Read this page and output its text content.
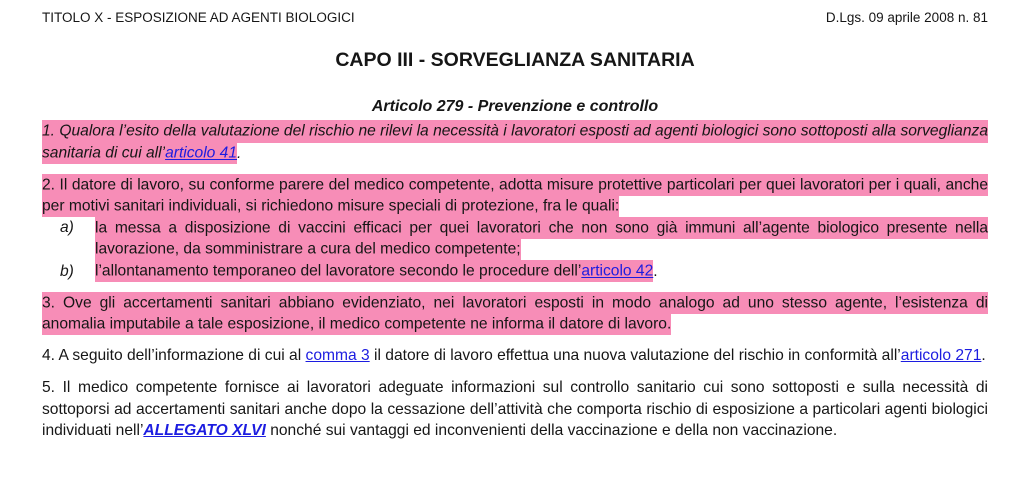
TITOLO X - ESPOSIZIONE AD AGENTI BIOLOGICI	D.Lgs. 09 aprile 2008 n. 81
CAPO III - SORVEGLIANZA SANITARIA
Articolo 279 - Prevenzione e controllo
1. Qualora l’esito della valutazione del rischio ne rilevi la necessità i lavoratori esposti ad agenti biologici sono sottoposti alla sorveglianza sanitaria di cui all’articolo 41.
2. Il datore di lavoro, su conforme parere del medico competente, adotta misure protettive particolari per quei lavoratori per i quali, anche per motivi sanitari individuali, si richiedono misure speciali di protezione, fra le quali:
a) la messa a disposizione di vaccini efficaci per quei lavoratori che non sono già immuni all’agente biologico presente nella lavorazione, da somministrare a cura del medico competente;
b) l’allontanamento temporaneo del lavoratore secondo le procedure dell’articolo 42.
3. Ove gli accertamenti sanitari abbiano evidenziato, nei lavoratori esposti in modo analogo ad uno stesso agente, l’esistenza di anomalia imputabile a tale esposizione, il medico competente ne informa il datore di lavoro.
4. A seguito dell’informazione di cui al comma 3 il datore di lavoro effettua una nuova valutazione del rischio in conformità all’articolo 271.
5. Il medico competente fornisce ai lavoratori adeguate informazioni sul controllo sanitario cui sono sottoposti e sulla necessità di sottoporsi ad accertamenti sanitari anche dopo la cessazione dell’attività che comporta rischio di esposizione a particolari agenti biologici individuati nell’ALLEGATO XLVI nonché sui vantaggi ed inconvenienti della vaccinazione e della non vaccinazione.
